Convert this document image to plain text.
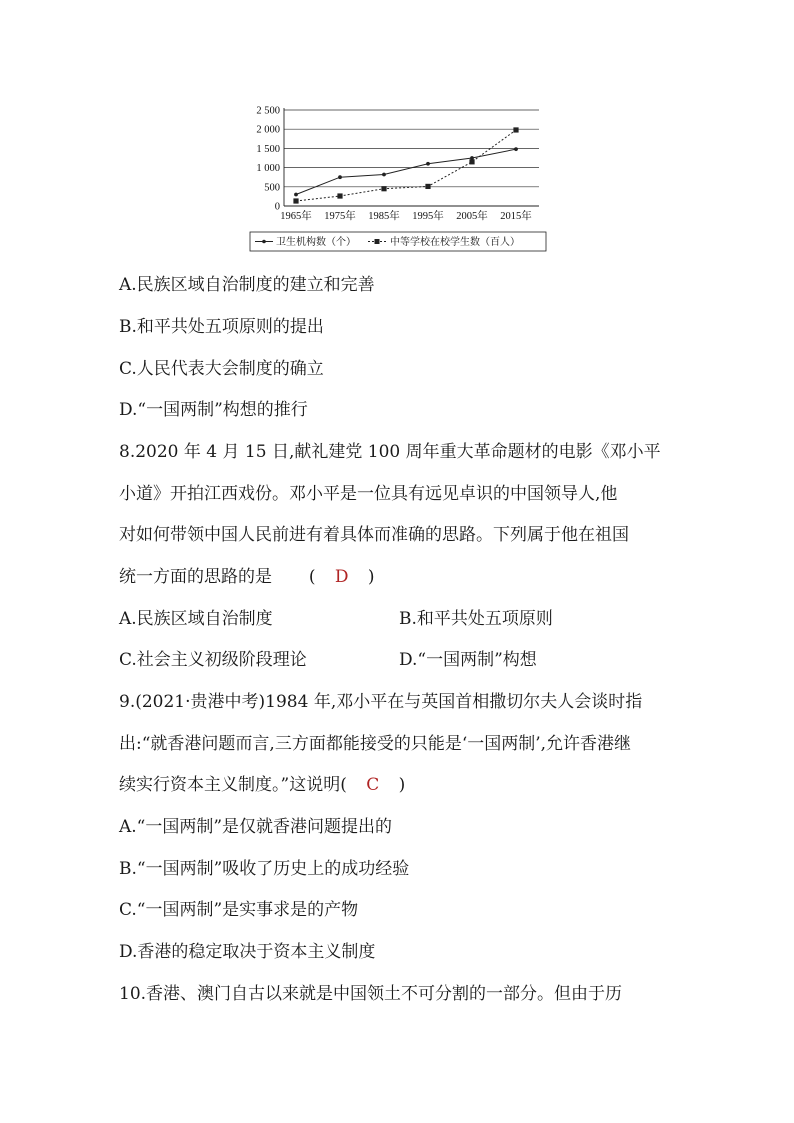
0
500
1 000
1 500
2 000
2 500
1965年 1975年 1985年 1995年 2005年 2015年
卫生机构数（个）	中等学校在校学生数（百人）
A.民族区域自治制度的建立和完善
B.和平共处五项原则的提出
C.人民代表大会制度的确立
D.“一国两制”构想的推行
8.2020 年 4 月 15 日,献礼建党 100 周年重大革命题材的电影《邓小平
小道》开拍江西戏份。邓小平是一位具有远见卓识的中国领导人,他
对如何带领中国人民前进有着具体而准确的思路。下列属于他在祖国
统一方面的思路的是 ( D )
A.民族区域自治制度	B.和平共处五项原则
C.社会主义初级阶段理论	D.“一国两制”构想
9.(2021·贵港中考)1984 年,邓小平在与英国首相撒切尔夫人会谈时指
出:“就香港问题而言,三方面都能接受的只能是‘一国两制’,允许香港继
续实行资本主义制度。”这说明( C )
A.“一国两制”是仅就香港问题提出的
B.“一国两制”吸收了历史上的成功经验
C.“一国两制”是实事求是的产物
D.香港的稳定取决于资本主义制度
10.香港、澳门自古以来就是中国领土不可分割的一部分。但由于历
